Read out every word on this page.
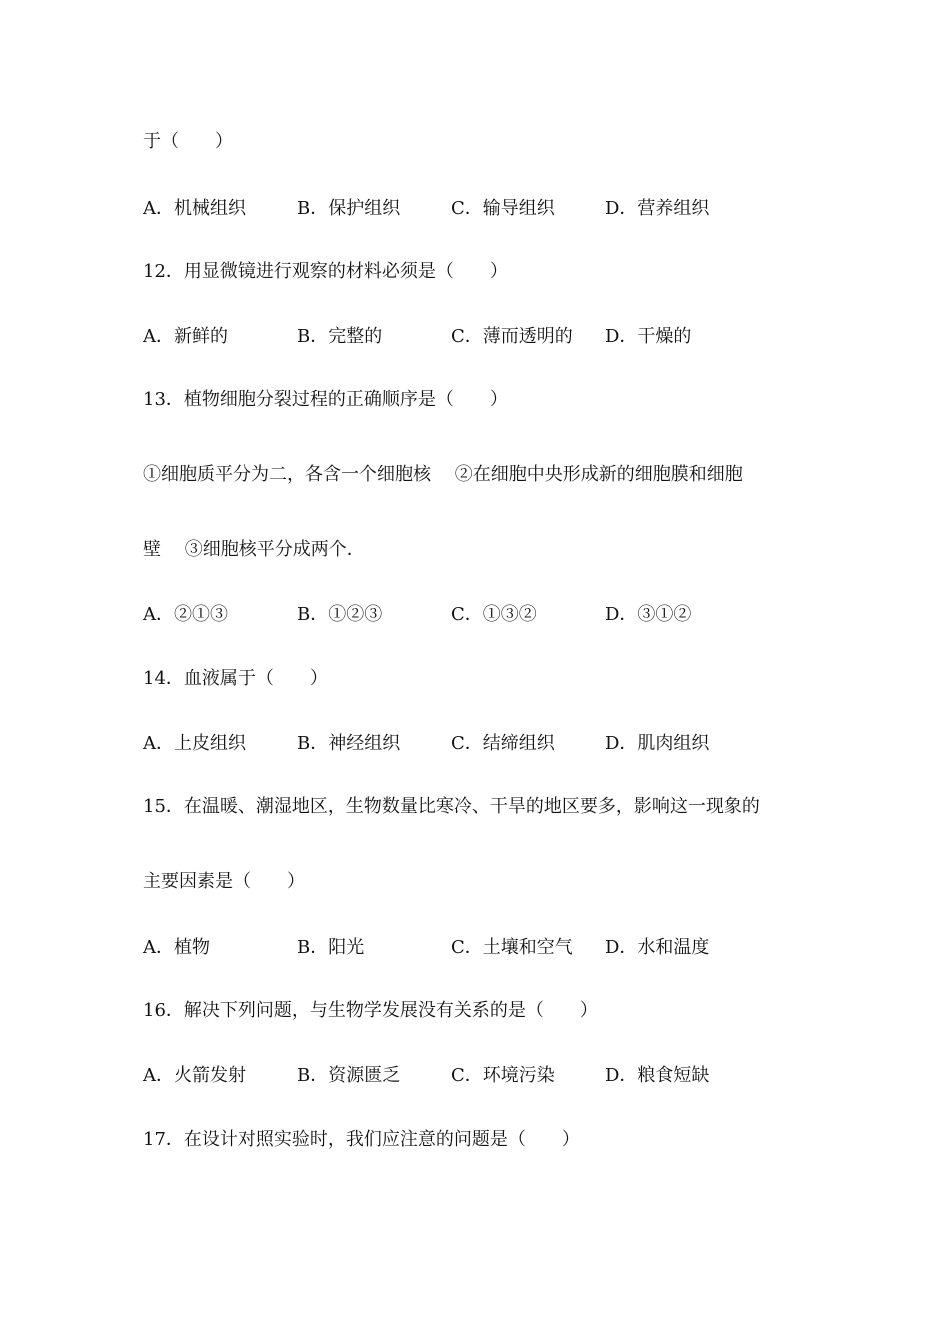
于（　　）
A．机械组织	B．保护组织	C．输导组织	D．营养组织
12．用显微镜进行观察的材料必须是（　　）
A．新鲜的	B．完整的	C．薄而透明的 D．干燥的
13．植物细胞分裂过程的正确顺序是（　　）
①细胞质平分为二，各含一个细胞核　 ②在细胞中央形成新的细胞膜和细胞
壁　 ③细胞核平分成两个．
A．②①③	B．①②③	C．①③②	D．③①②
14．血液属于（　　）
A．上皮组织	B．神经组织	C．结缔组织	D．肌肉组织
15．在温暖、潮湿地区，生物数量比寒冷、干旱的地区要多，影响这一现象的
主要因素是（　　）
A．植物	B．阳光	C．土壤和空气 D．水和温度
16．解决下列问题，与生物学发展没有关系的是（　　）
A．火箭发射	B．资源匮乏	C．环境污染	D．粮食短缺
17．在设计对照实验时，我们应注意的问题是（　　）
